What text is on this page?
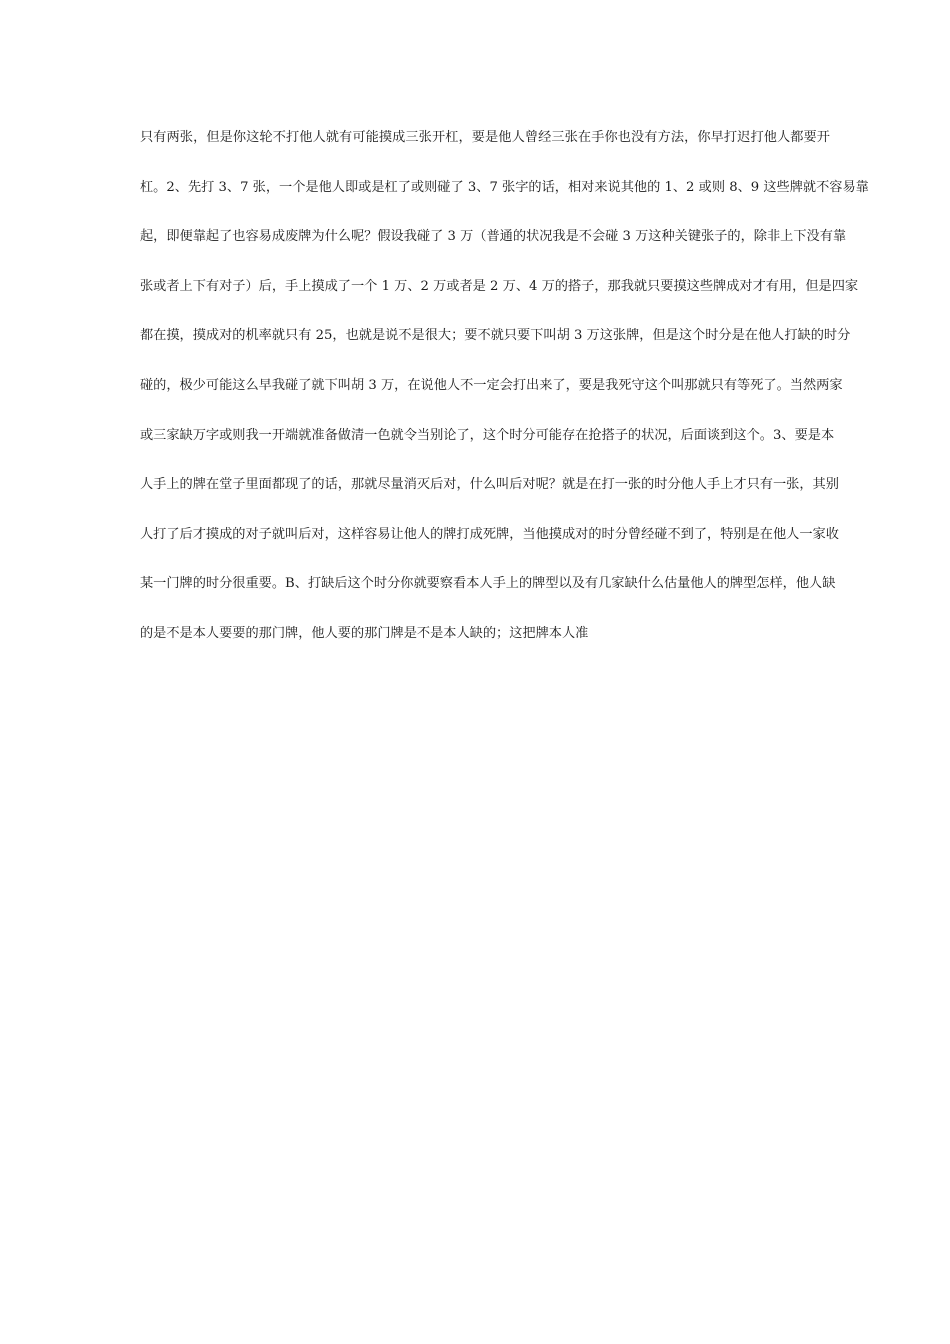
只有两张，但是你这轮不打他人就有可能摸成三张开杠，要是他人曾经三张在手你也没有方法，你早打迟打他人都要开
杠。2、先打 3、7 张，一个是他人即或是杠了或则碰了 3、7 张字的话，相对来说其他的 1、2 或则 8、9 这些牌就不容易靠
起，即便靠起了也容易成废牌为什么呢？假设我碰了 3 万（普通的状况我是不会碰 3 万这种关键张子的，除非上下没有靠
张或者上下有对子）后，手上摸成了一个 1 万、2 万或者是 2 万、4 万的搭子，那我就只要摸这些牌成对才有用，但是四家
都在摸，摸成对的机率就只有 25，也就是说不是很大；要不就只要下叫胡 3 万这张牌，但是这个时分是在他人打缺的时分
碰的，极少可能这么早我碰了就下叫胡 3 万，在说他人不一定会打出来了，要是我死守这个叫那就只有等死了。当然两家
或三家缺万字或则我一开端就准备做清一色就令当别论了，这个时分可能存在抢搭子的状况，后面谈到这个。3、要是本
人手上的牌在堂子里面都现了的话，那就尽量消灭后对，什么叫后对呢？就是在打一张的时分他人手上才只有一张，其别
人打了后才摸成的对子就叫后对，这样容易让他人的牌打成死牌，当他摸成对的时分曾经碰不到了，特别是在他人一家收
某一门牌的时分很重要。B、打缺后这个时分你就要察看本人手上的牌型以及有几家缺什么估量他人的牌型怎样，他人缺
的是不是本人要要的那门牌，他人要的那门牌是不是本人缺的；这把牌本人准
